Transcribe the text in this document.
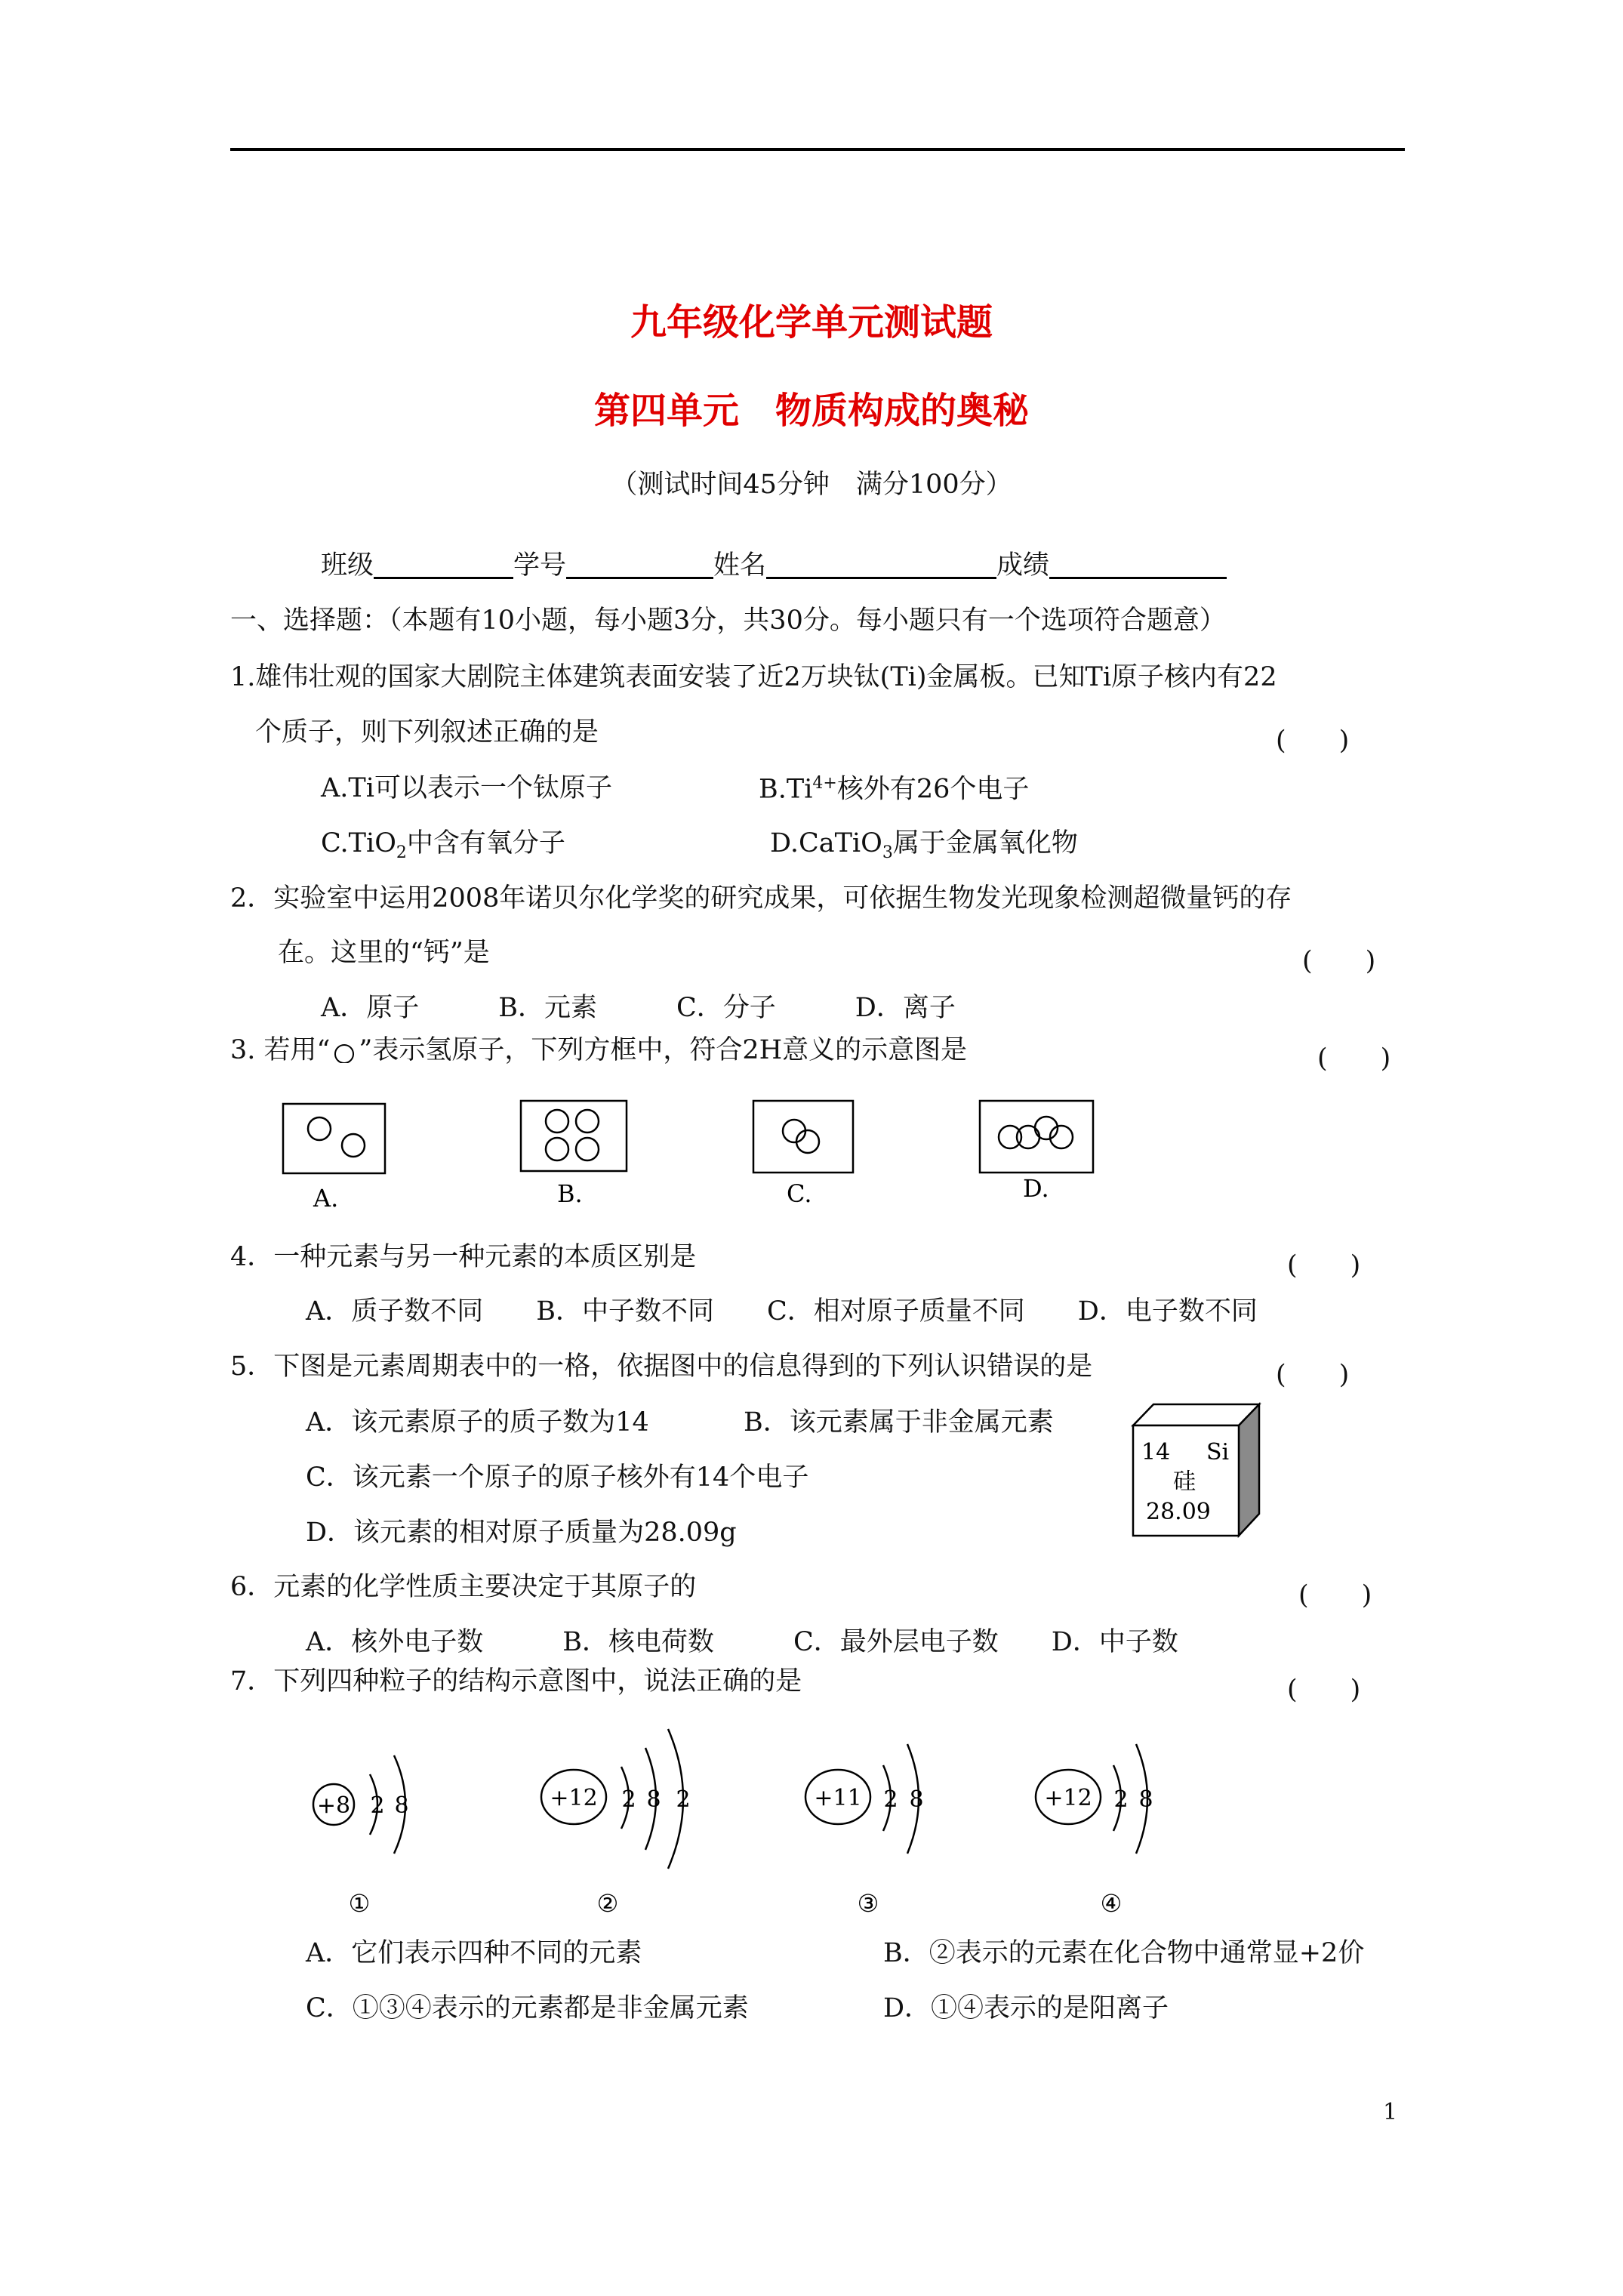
九年级化学单元测试题
第四单元　物质构成的奥秘
（测试时间45分钟　满分100分）
班级	学号	姓名	成绩
一、选择题：（本题有10小题，每小题3分，共30分。每小题只有一个选项符合题意）
1.雄伟壮观的国家大剧院主体建筑表面安装了近2万块钛(Ti)金属板。已知Ti原子核内有22
个质子，则下列叙述正确的是	(　　)
A.Ti可以表示一个钛原子	$B.Ti^{4+}$核外有26个电子
C.TiO$_2$中含有氧分子	D.CaTiO$_3$属于金属氧化物
2．实验室中运用2008年诺贝尔化学奖的研究成果，可依据生物发光现象检测超微量钙的存
在。这里的“钙”是	(　　)
A．原子　　　B．元素　　　C．分子　　　D．离子
3. 若用“ ”表示氢原子，下列方框中，符合2H意义的示意图是	(　　)
A.	B.	C.	D.
4．一种元素与另一种元素的本质区别是	(　　)
A．质子数不同　　B．中子数不同　　C．相对原子质量不同　　D．电子数不同
5．下图是元素周期表中的一格，依据图中的信息得到的下列认识错误的是	(　　)
A．该元素原子的质子数为14	B．该元素属于非金属元素
C．该元素一个原子的原子核外有14个电子
D．该元素的相对原子质量为28.09g
14 Si
硅
28.09
6．元素的化学性质主要决定于其原子的	(　　)
A．核外电子数　　　B．核电荷数　　　C．最外层电子数　　D．中子数
7．下列四种粒子的结构示意图中，说法正确的是	(　　)
+8 2 8
①
+12 2 8 2
②
+11 2 8
③
+12 2 8
④
A．它们表示四种不同的元素	B．②表示的元素在化合物中通常显+2价
C．①③④表示的元素都是非金属元素	D．①④表示的是阳离子
1
